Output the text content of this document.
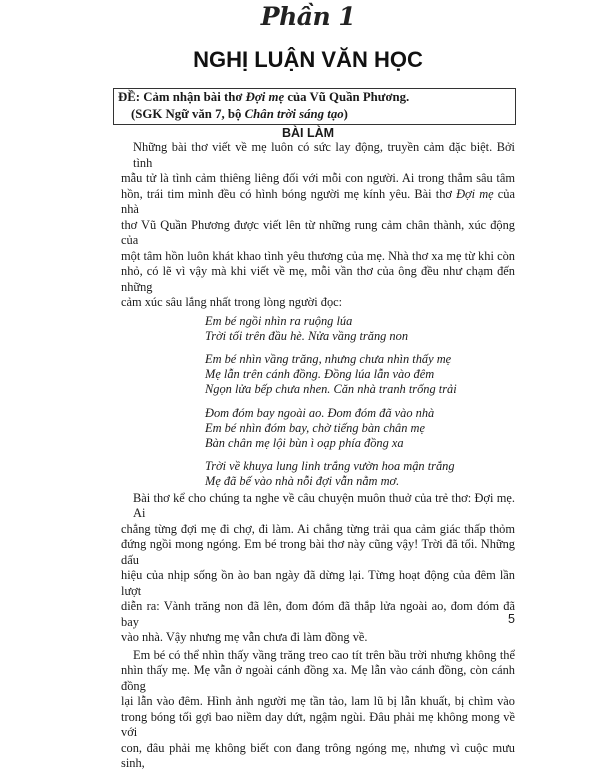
Phần 1
NGHỊ LUẬN VĂN HỌC
ĐỀ: Cảm nhận bài thơ Đợi mẹ của Vũ Quần Phương.
(SGK Ngữ văn 7, bộ Chân trời sáng tạo)
BÀI LÀM
Những bài thơ viết về mẹ luôn có sức lay động, truyền cảm đặc biệt. Bởi tình
mẫu tử là tình cảm thiêng liêng đối với mỗi con người. Ai trong thẳm sâu tâm
hồn, trái tim mình đều có hình bóng người mẹ kính yêu. Bài thơ Đợi mẹ của nhà
thơ Vũ Quần Phương được viết lên từ những rung cảm chân thành, xúc động của
một tâm hồn luôn khát khao tình yêu thương của mẹ. Nhà thơ xa mẹ từ khi còn
nhỏ, có lẽ vì vậy mà khi viết về mẹ, mỗi vần thơ của ông đều như chạm đến những
cảm xúc sâu lắng nhất trong lòng người đọc:
Em bé ngồi nhìn ra ruộng lúa
Trời tối trên đầu hè. Nửa vầng trăng non
Em bé nhìn vầng trăng, nhưng chưa nhìn thấy mẹ
Mẹ lẫn trên cánh đồng. Đồng lúa lẫn vào đêm
Ngọn lửa bếp chưa nhen. Căn nhà tranh trống trải
Đom đóm bay ngoài ao. Đom đóm đã vào nhà
Em bé nhìn đóm bay, chờ tiếng bàn chân mẹ
Bàn chân mẹ lội bùn ì oạp phía đồng xa
Trời về khuya lung linh trắng vườn hoa mận trắng
Mẹ đã bế vào nhà nỗi đợi vẫn nằm mơ.
Bài thơ kể cho chúng ta nghe về câu chuyện muôn thuở của trẻ thơ: Đợi mẹ. Ai
chẳng từng đợi mẹ đi chợ, đi làm. Ai chẳng từng trải qua cảm giác thấp thỏm
đứng ngồi mong ngóng. Em bé trong bài thơ này cũng vậy! Trời đã tối. Những dấu
hiệu của nhịp sống ồn ào ban ngày đã dừng lại. Từng hoạt động của đêm lần lượt
diễn ra: Vành trăng non đã lên, đom đóm đã thắp lửa ngoài ao, đom đóm đã bay
vào nhà. Vậy nhưng mẹ vẫn chưa đi làm đồng về.
Em bé có thể nhìn thấy vầng trăng treo cao tít trên bầu trời nhưng không thể
nhìn thấy mẹ. Mẹ vẫn ở ngoài cánh đồng xa. Mẹ lẫn vào cánh đồng, còn cánh đồng
lại lẫn vào đêm. Hình ảnh người mẹ tần tảo, lam lũ bị lẫn khuất, bị chìm vào
trong bóng tối gợi bao niềm day dứt, ngậm ngùi. Đâu phải mẹ không mong về với
con, đâu phải mẹ không biết con đang trông ngóng mẹ, nhưng vì cuộc mưu sinh,
5
